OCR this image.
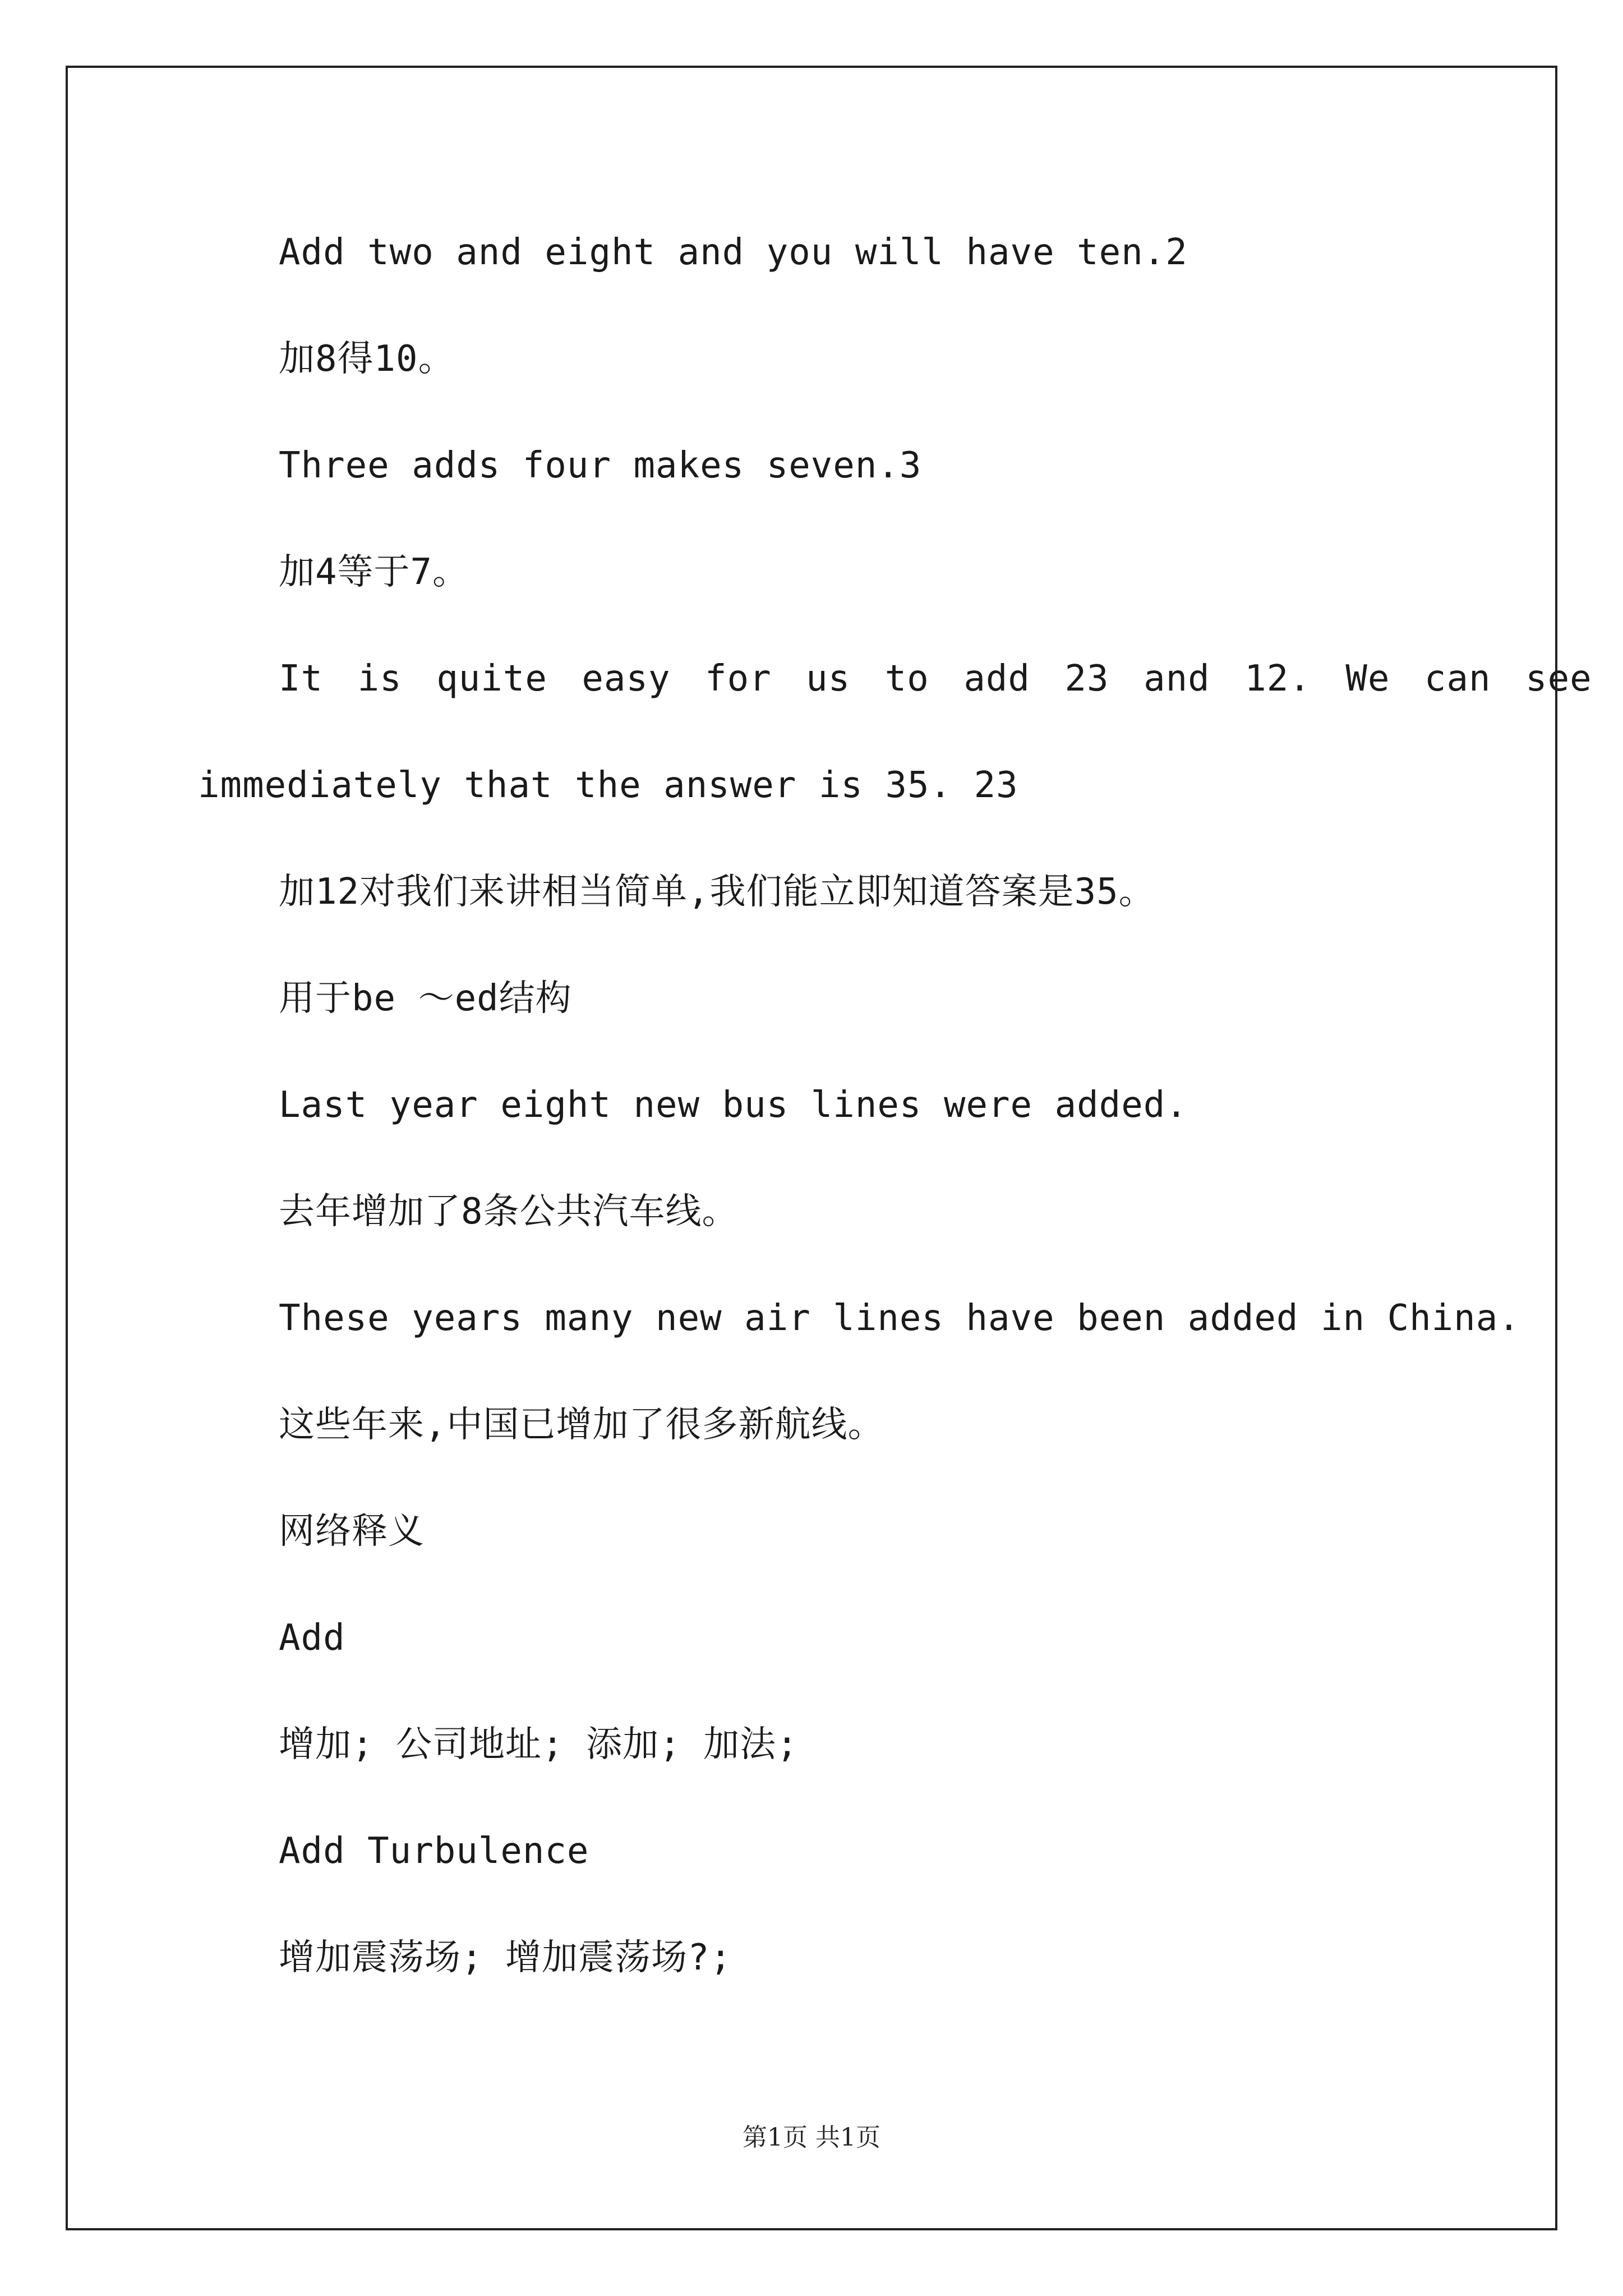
Add two and eight and you will have ten.2
加8得10。
Three adds four makes seven.3
加4等于7。
It is quite easy for us to add 23 and 12. We can see
immediately that the answer is 35. 23
加12对我们来讲相当简单,我们能立即知道答案是35。
用于be ～ed结构
Last year eight new bus lines were added.
去年增加了8条公共汽车线。
These years many new air lines have been added in China.
这些年来,中国已增加了很多新航线。
网络释义
Add
增加; 公司地址; 添加; 加法;
Add Turbulence
增加震荡场; 增加震荡场?;
第1页 共1页
